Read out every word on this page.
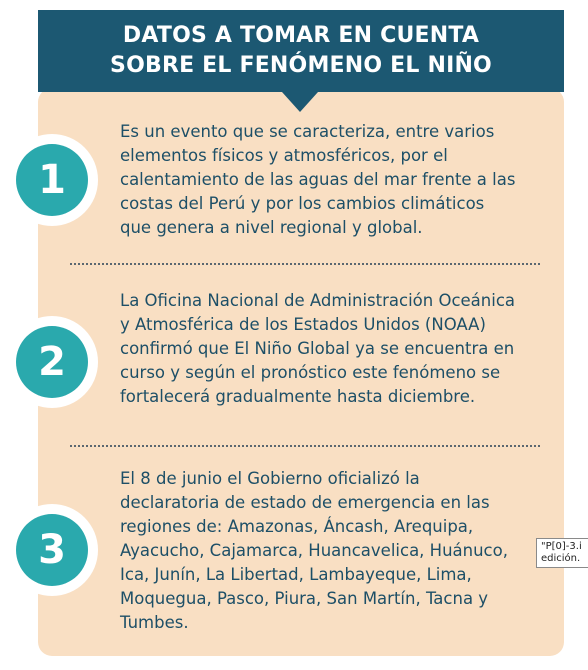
DATOS A TOMAR EN CUENTA
SOBRE EL FENÓMENO EL NIÑO
1
Es un evento que se caracteriza, entre varios
elementos físicos y atmosféricos, por el
calentamiento de las aguas del mar frente a las
costas del Perú y por los cambios climáticos
que genera a nivel regional y global.
2
La Oficina Nacional de Administración Oceánica
y Atmosférica de los Estados Unidos (NOAA)
confirmó que El Niño Global ya se encuentra en
curso y según el pronóstico este fenómeno se
fortalecerá gradualmente hasta diciembre.
3
El 8 de junio el Gobierno oficializó la
declaratoria de estado de emergencia en las
regiones de: Amazonas, Áncash, Arequipa,
Ayacucho, Cajamarca, Huancavelica, Huánuco,
Ica, Junín, La Libertad, Lambayeque, Lima,
Moquegua, Pasco, Piura, San Martín, Tacna y
Tumbes.
"P[0]-3.i
edición.
